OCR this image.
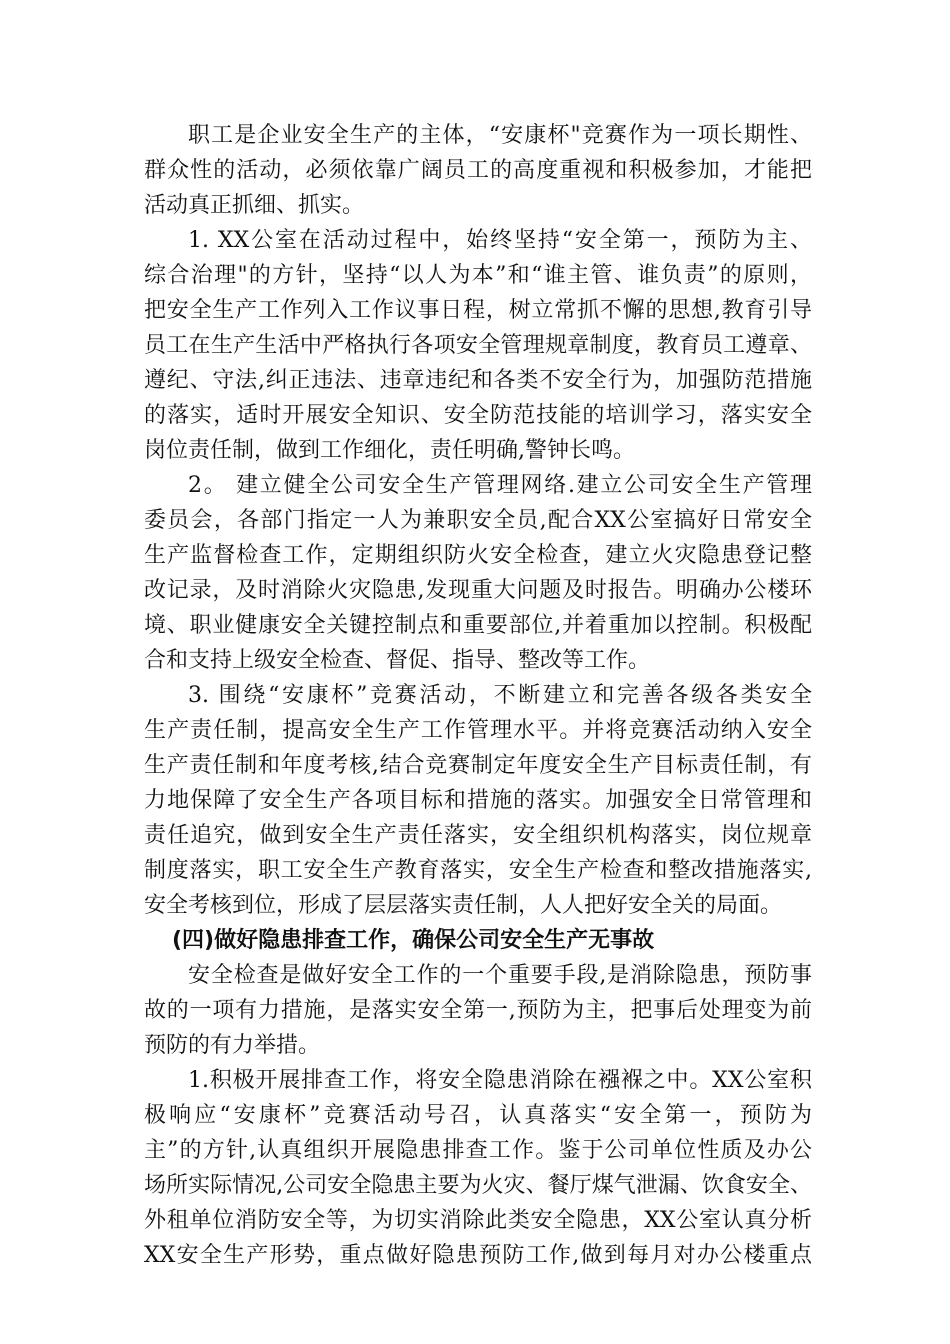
职工是企业安全生产的主体，“安康杯"竞赛作为一项长期性、
群众性的活动，必须依靠广阔员工的高度重视和积极参加，才能把
活动真正抓细、抓实。

1. XX公室在活动过程中，始终坚持“安全第一，预防为主、
综合治理"的方针，坚持“以人为本”和“谁主管、谁负责”的原则，
把安全生产工作列入工作议事日程，树立常抓不懈的思想,教育引导
员工在生产生活中严格执行各项安全管理规章制度，教育员工遵章、
遵纪、守法,纠正违法、违章违纪和各类不安全行为，加强防范措施
的落实，适时开展安全知识、安全防范技能的培训学习，落实安全
岗位责任制，做到工作细化，责任明确,警钟长鸣。

2。 建立健全公司安全生产管理网络.建立公司安全生产管理
委员会，各部门指定一人为兼职安全员,配合XX公室搞好日常安全
生产监督检查工作，定期组织防火安全检查，建立火灾隐患登记整
改记录，及时消除火灾隐患,发现重大问题及时报告。明确办公楼环
境、职业健康安全关键控制点和重要部位,并着重加以控制。积极配
合和支持上级安全检查、督促、指导、整改等工作。

3. 围绕“安康杯”竞赛活动，不断建立和完善各级各类安全
生产责任制，提高安全生产工作管理水平。并将竞赛活动纳入安全
生产责任制和年度考核,结合竞赛制定年度安全生产目标责任制，有
力地保障了安全生产各项目标和措施的落实。加强安全日常管理和
责任追究，做到安全生产责任落实，安全组织机构落实，岗位规章
制度落实，职工安全生产教育落实，安全生产检查和整改措施落实,
安全考核到位，形成了层层落实责任制，人人把好安全关的局面。

(四)做好隐患排查工作，确保公司安全生产无事故

安全检查是做好安全工作的一个重要手段,是消除隐患，预防事
故的一项有力措施，是落实安全第一,预防为主，把事后处理变为前
预防的有力举措。

1.积极开展排查工作，将安全隐患消除在襁褓之中。XX公室积
极响应“安康杯”竞赛活动号召，认真落实“安全第一，预防为
主”的方针,认真组织开展隐患排查工作。鉴于公司单位性质及办公
场所实际情况,公司安全隐患主要为火灾、餐厅煤气泄漏、饮食安全、
外租单位消防安全等，为切实消除此类安全隐患，XX公室认真分析
XX安全生产形势，重点做好隐患预防工作,做到每月对办公楼重点
